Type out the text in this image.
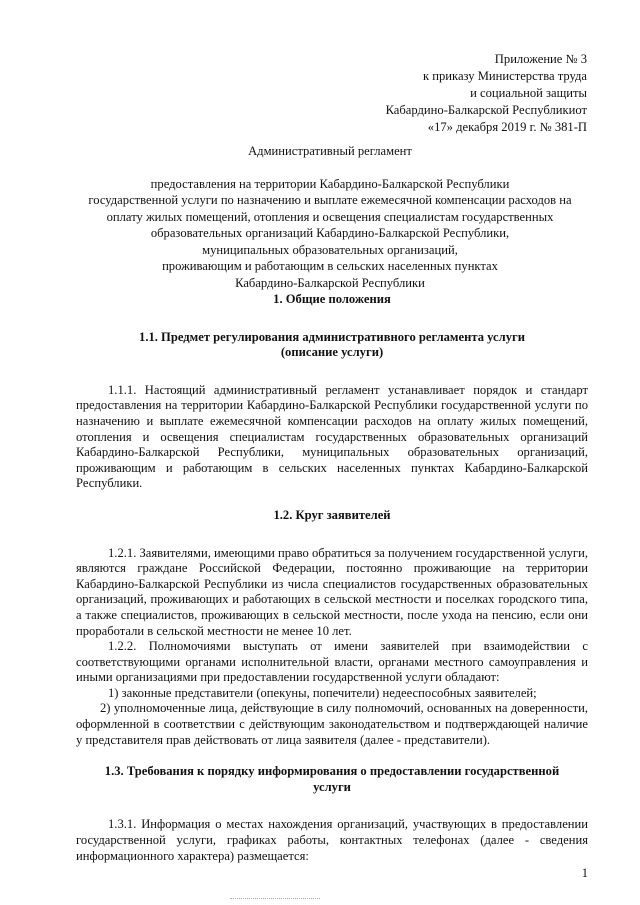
Приложение № 3
к приказу Министерства труда
и социальной защиты
Кабардино-Балкарской Республикиот
«17» декабря 2019 г. № 381-П
Административный регламент
предоставления на территории Кабардино-Балкарской Республики
государственной услуги по назначению и выплате ежемесячной компенсации расходов на
оплату жилых помещений, отопления и освещения специалистам государственных
образовательных организаций Кабардино-Балкарской Республики,
муниципальных образовательных организаций,
проживающим и работающим в сельских населенных пунктах
Кабардино-Балкарской Республики
1. Общие положения
1.1. Предмет регулирования административного регламента услуги
(описание услуги)

1.1.1. Настоящий административный регламент устанавливает порядок и стандарт предоставления на территории Кабардино-Балкарской Республики государственной услуги по назначению и выплате ежемесячной компенсации расходов на оплату жилых помещений, отопления и освещения специалистам государственных образовательных организаций Кабардино-Балкарской Республики, муниципальных образовательных организаций, проживающим и работающим в сельских населенных пунктах Кабардино-Балкарской Республики.

1.2. Круг заявителей

1.2.1. Заявителями, имеющими право обратиться за получением государственной услуги, являются граждане Российской Федерации, постоянно проживающие на территории Кабардино-Балкарской Республики из числа специалистов государственных образовательных организаций, проживающих и работающих в сельской местности и поселках городского типа, а также специалистов, проживающих в сельской местности, после ухода на пенсию, если они проработали в сельской местности не менее 10 лет.

1.2.2. Полномочиями выступать от имени заявителей при взаимодействии с соответствующими органами исполнительной власти, органами местного самоуправления и иными организациями при предоставлении государственной услуги обладают:

1) законные представители (опекуны, попечители) недееспособных заявителей;

2) уполномоченные лица, действующие в силу полномочий, основанных на доверенности, оформленной в соответствии с действующим законодательством и подтверждающей наличие у представителя прав действовать от лица заявителя (далее - представители).

1.3. Требования к порядку информирования о предоставлении государственной
услуги

1.3.1. Информация о местах нахождения организаций, участвующих в предоставлении государственной услуги, графиках работы, контактных телефонах (далее - сведения информационного характера) размещается:

1
